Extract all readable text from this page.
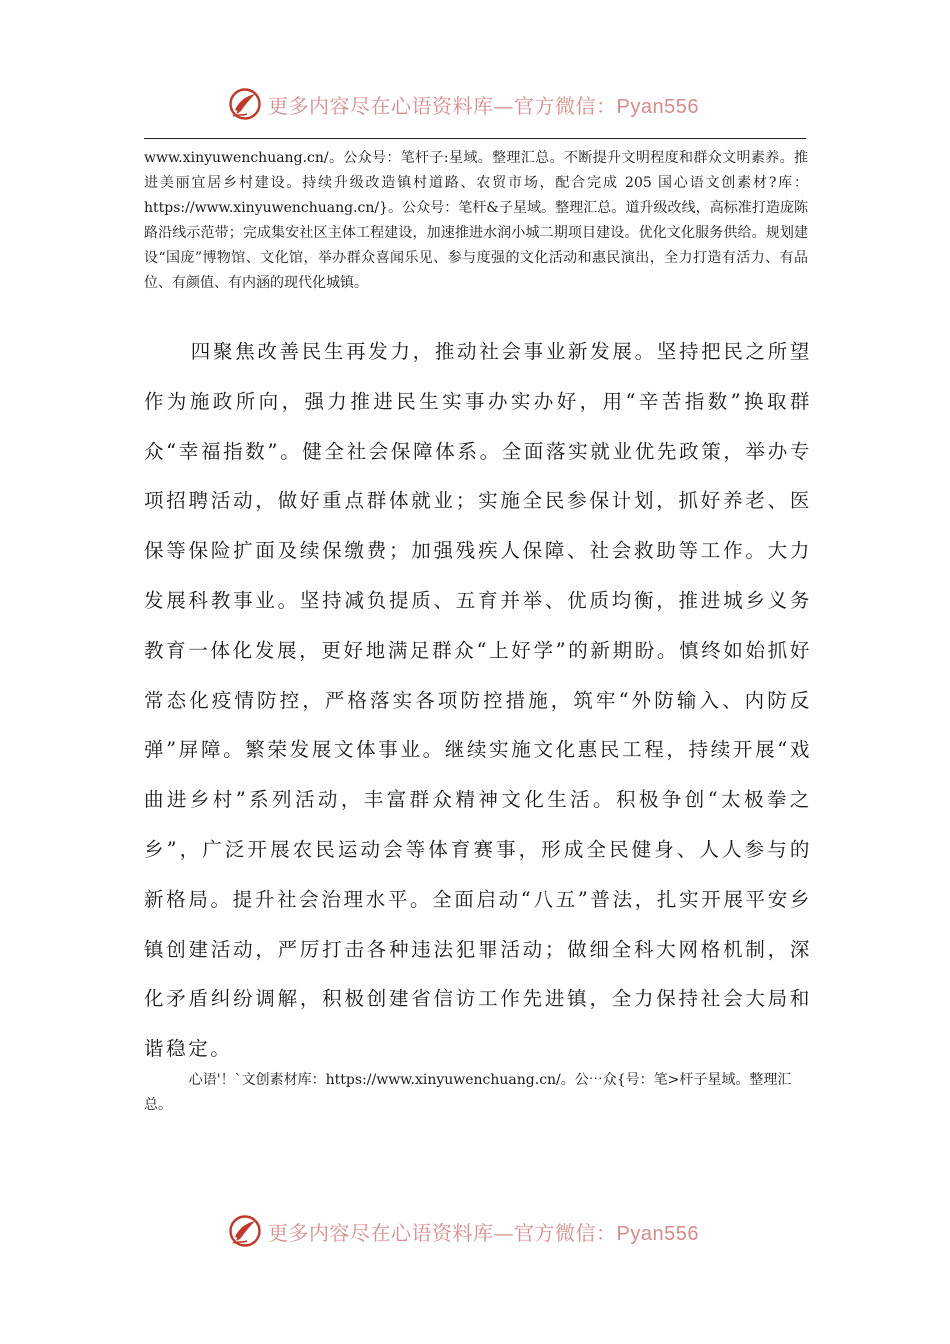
更多内容尽在心语资料库—官方微信：Pyan556
www.xinyuwenchuang.cn/。公众号：笔杆子:星域。整理汇总。不断提升文明程度和群众文明素养。推进美丽宜居乡村建设。持续升级改造镇村道路、农贸市场，配合完成 205 国心语文创素材?库：https://www.xinyuwenchuang.cn/}。公众号：笔杆&子星域。整理汇总。道升级改线，高标准打造庞陈路沿线示范带；完成集安社区主体工程建设，加速推进水润小城二期项目建设。优化文化服务供给。规划建设“国庞”博物馆、文化馆，举办群众喜闻乐见、参与度强的文化活动和惠民演出，全力打造有活力、有品位、有颜值、有内涵的现代化城镇。
四聚焦改善民生再发力，推动社会事业新发展。坚持把民之所望作为施政所向，强力推进民生实事办实办好，用“辛苦指数”换取群众“幸福指数”。健全社会保障体系。全面落实就业优先政策，举办专项招聘活动，做好重点群体就业；实施全民参保计划，抓好养老、医保等保险扩面及续保缴费；加强残疾人保障、社会救助等工作。大力发展科教事业。坚持减负提质、五育并举、优质均衡，推进城乡义务教育一体化发展，更好地满足群众“上好学”的新期盼。慎终如始抓好常态化疫情防控，严格落实各项防控措施，筑牢“外防输入、内防反弹”屏障。繁荣发展文体事业。继续实施文化惠民工程，持续开展“戏曲进乡村”系列活动，丰富群众精神文化生活。积极争创“太极拳之乡”，广泛开展农民运动会等体育赛事，形成全民健身、人人参与的新格局。提升社会治理水平。全面启动“八五”普法，扎实开展平安乡镇创建活动，严厉打击各种违法犯罪活动；做细全科大网格机制，深化矛盾纠纷调解，积极创建省信访工作先进镇，全力保持社会大局和谐稳定。
心语'！`文创素材库：https://www.xinyuwenchuang.cn/。公⋯众{号：笔>杆子星域。整理汇总。
更多内容尽在心语资料库—官方微信：Pyan556
